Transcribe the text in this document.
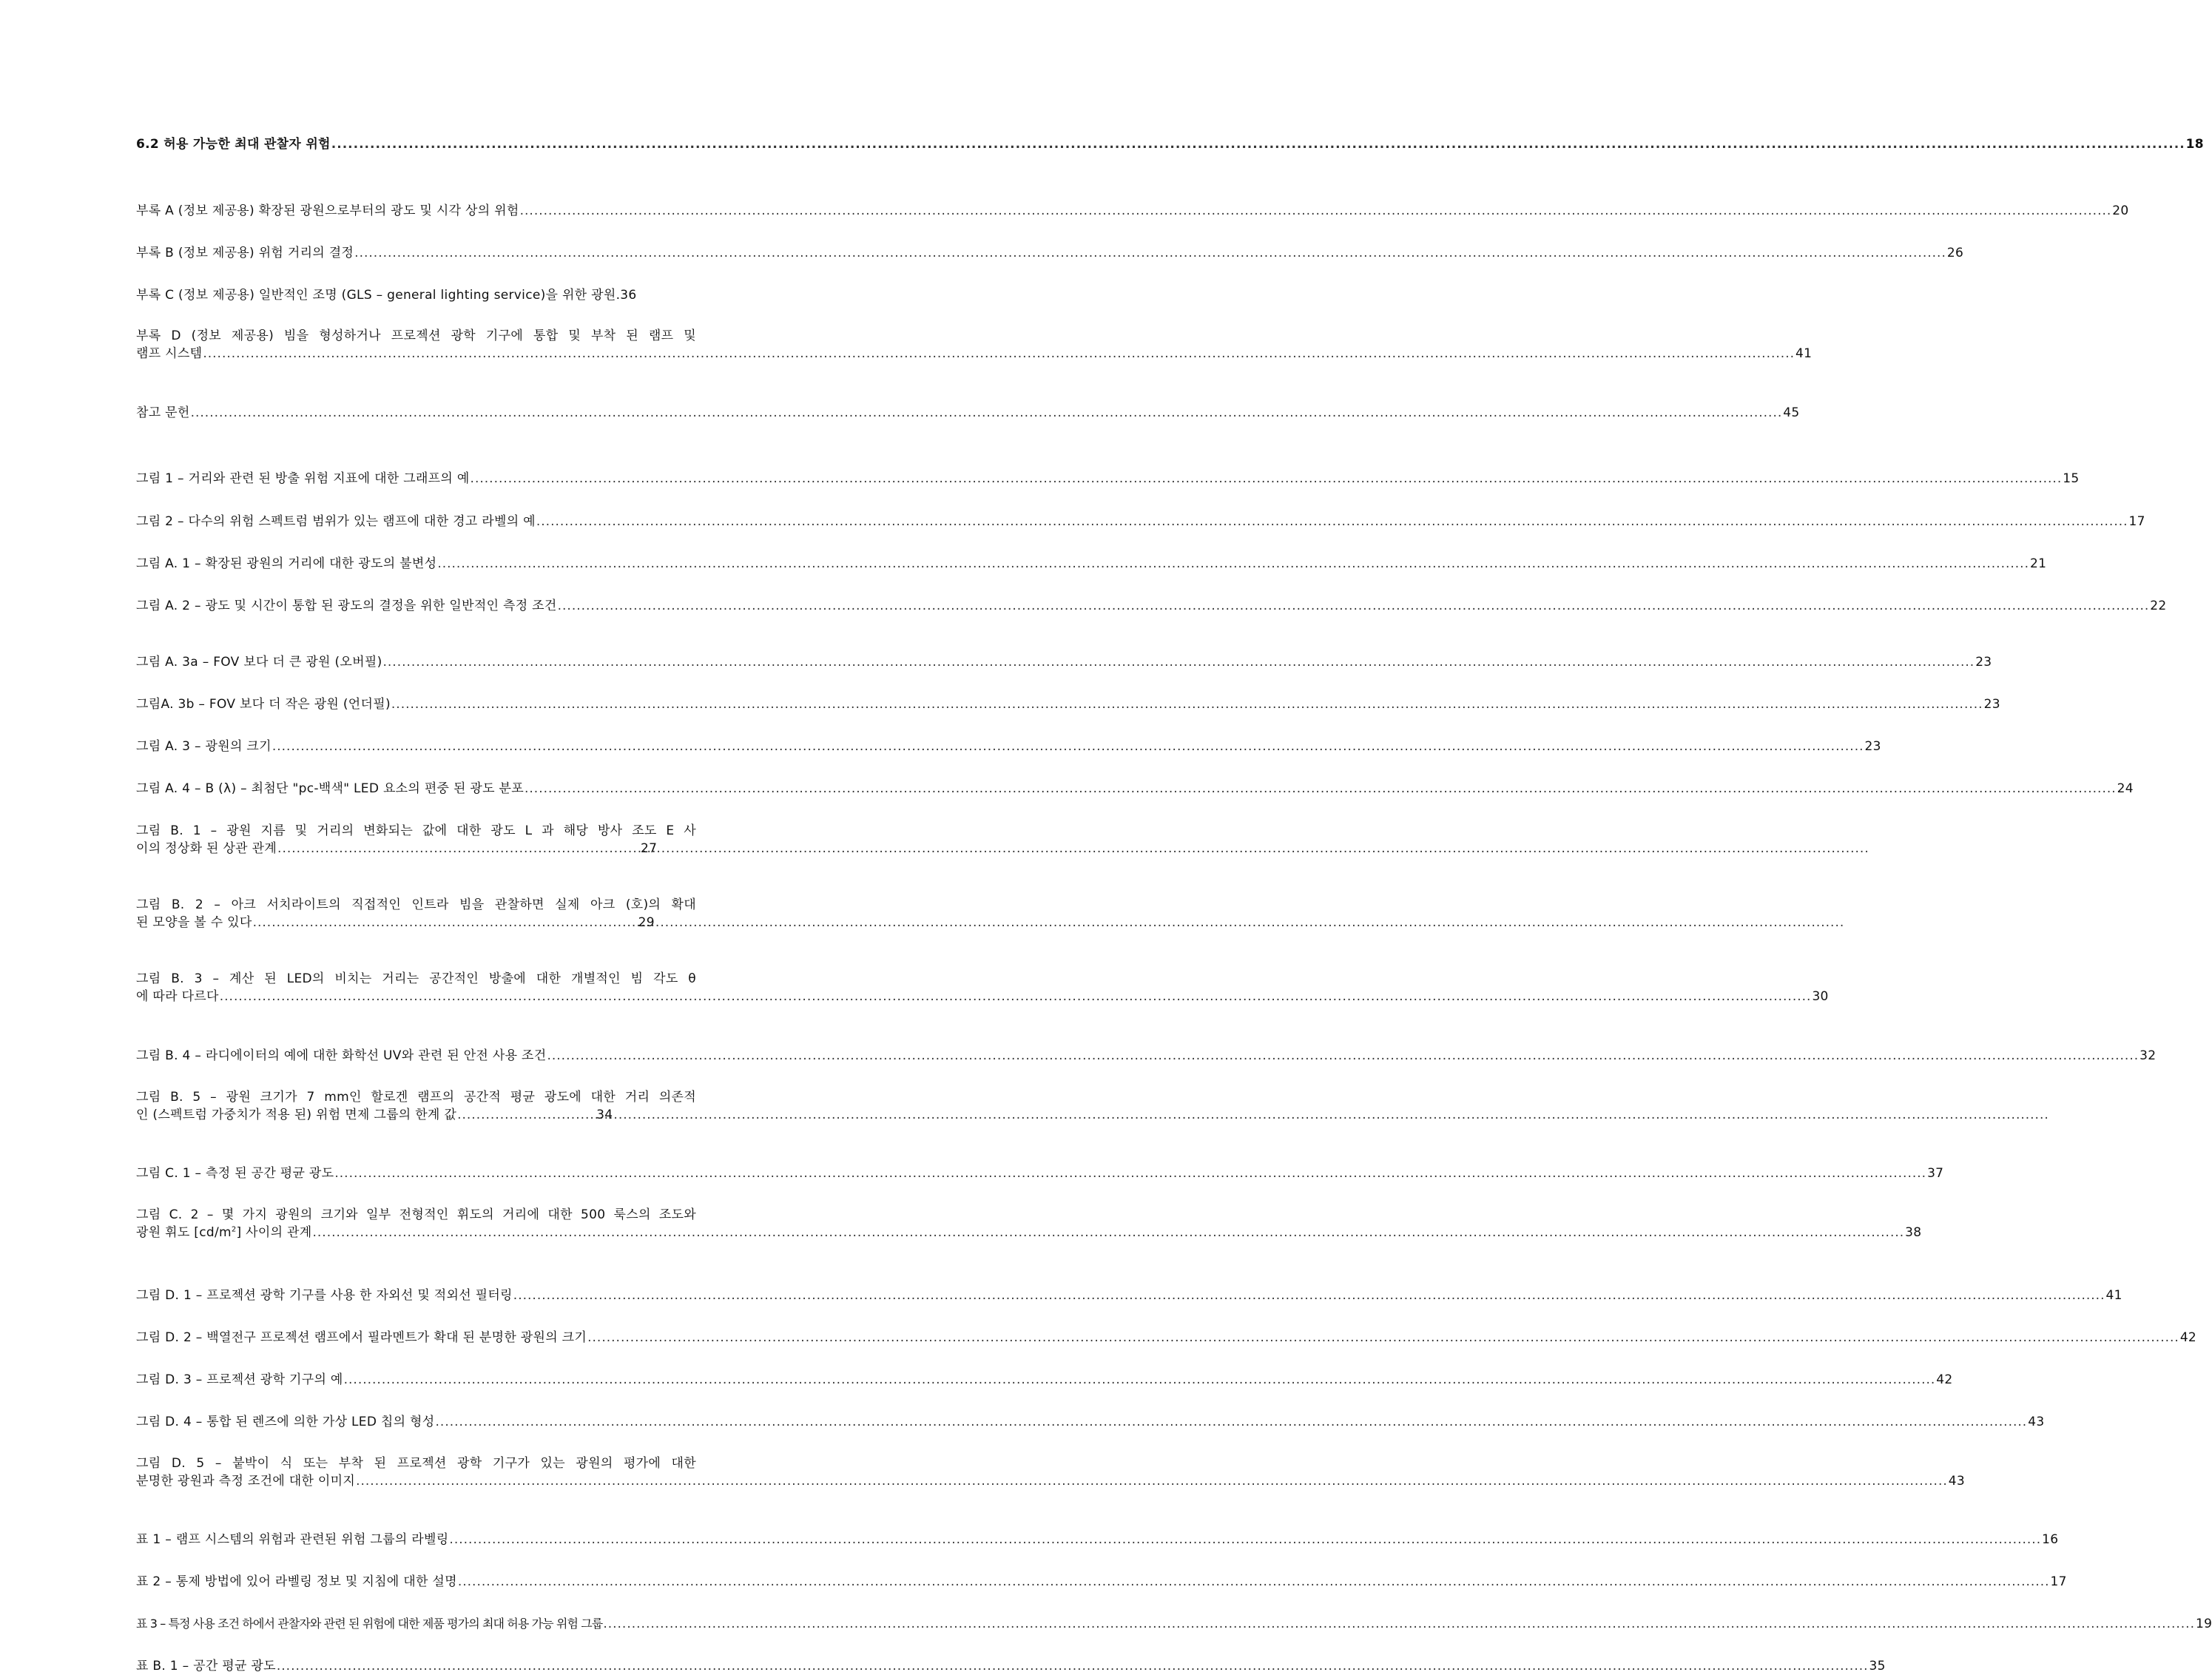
6.2 허용 가능한 최대 관찰자 위험 .....	18
부록 A (정보 제공용) 확장된 광원으로부터의 광도 및 시각 상의 위험 .....	20
부록 B (정보 제공용) 위험 거리의 결정 .....	26
부록 C (정보 제공용) 일반적인 조명 (GLS – general lighting service)을 위한 광원 .36
부록 D (정보 제공용) 빔을 형성하거나 프로젝션 광학 기구에 통합 및 부착 된 램프 및
램프 시스템 .....	41
참고 문헌 .....	45
그림 1 – 거리와 관련 된 방출 위험 지표에 대한 그래프의 예 .....	15
그림 2 – 다수의 위험 스펙트럼 범위가 있는 램프에 대한 경고 라벨의 예 .....	17
그림 A. 1 – 확장된 광원의 거리에 대한 광도의 불변성 .....	21
그림 A. 2 – 광도 및 시간이 통합 된 광도의 결정을 위한 일반적인 측정 조건 .....	22
그림 A. 3a – FOV 보다 더 큰 광원 (오버필) .....	23
그림A. 3b – FOV 보다 더 작은 광원 (언더필) .....	23
그림 A. 3 – 광원의 크기 .....	23
그림 A. 4 – B (λ) – 최첨단 "pc-백색" LED 요소의 편중 된 광도 분포 .....	24
그림 B. 1 – 광원 지름 및 거리의 변화되는 값에 대한 광도 L 과 해당 방사 조도 E 사
이의 정상화 된 상관 관계 .....	27
그림 B. 2 – 아크 서치라이트의 직접적인 인트라 빔을 관찰하면 실제 아크 (호)의 확대
된 모양을 볼 수 있다 .....	29
그림 B. 3 – 계산 된 LED의 비치는 거리는 공간적인 방출에 대한 개별적인 빔 각도 θ
에 따라 다르다 .....	30
그림 B. 4 – 라디에이터의 예에 대한 화학선 UV와 관련 된 안전 사용 조건 .....	32
그림 B. 5 – 광원 크기가 7 mm인 할로겐 램프의 공간적 평균 광도에 대한 거리 의존적
인 (스펙트럼 가중치가 적용 된) 위험 면제 그룹의 한계 값 .....	34
그림 C. 1 – 측정 된 공간 평균 광도 .....	37
그림 C. 2 – 몇 가지 광원의 크기와 일부 전형적인 휘도의 거리에 대한 500 룩스의 조도와
광원 휘도 $[cd/m^2]$ 사이의 관계 .....	38
그림 D. 1 – 프로젝션 광학 기구를 사용 한 자외선 및 적외선 필터링 .....	41
그림 D. 2 – 백열전구 프로젝션 램프에서 필라멘트가 확대 된 분명한 광원의 크기 .....	42
그림 D. 3 – 프로젝션 광학 기구의 예 .....	42
그림 D. 4 – 통합 된 렌즈에 의한 가상 LED 칩의 형성 .....	43
그림 D. 5 – 붙박이 식 또는 부착 된 프로젝션 광학 기구가 있는 광원의 평가에 대한
분명한 광원과 측정 조건에 대한 이미지 .....	43
표 1 – 램프 시스템의 위험과 관련된 위험 그룹의 라벨링 .....	16
표 2 – 통제 방법에 있어 라벨링 정보 및 지침에 대한 설명 .....	17
표 3 – 특정 사용 조건 하에서 관찰자와 관련 된 위험에 대한 제품 평가의 최대 허용 가능 위험 그룹 .....	19
표 B. 1 – 공간 평균 광도 .....	35
